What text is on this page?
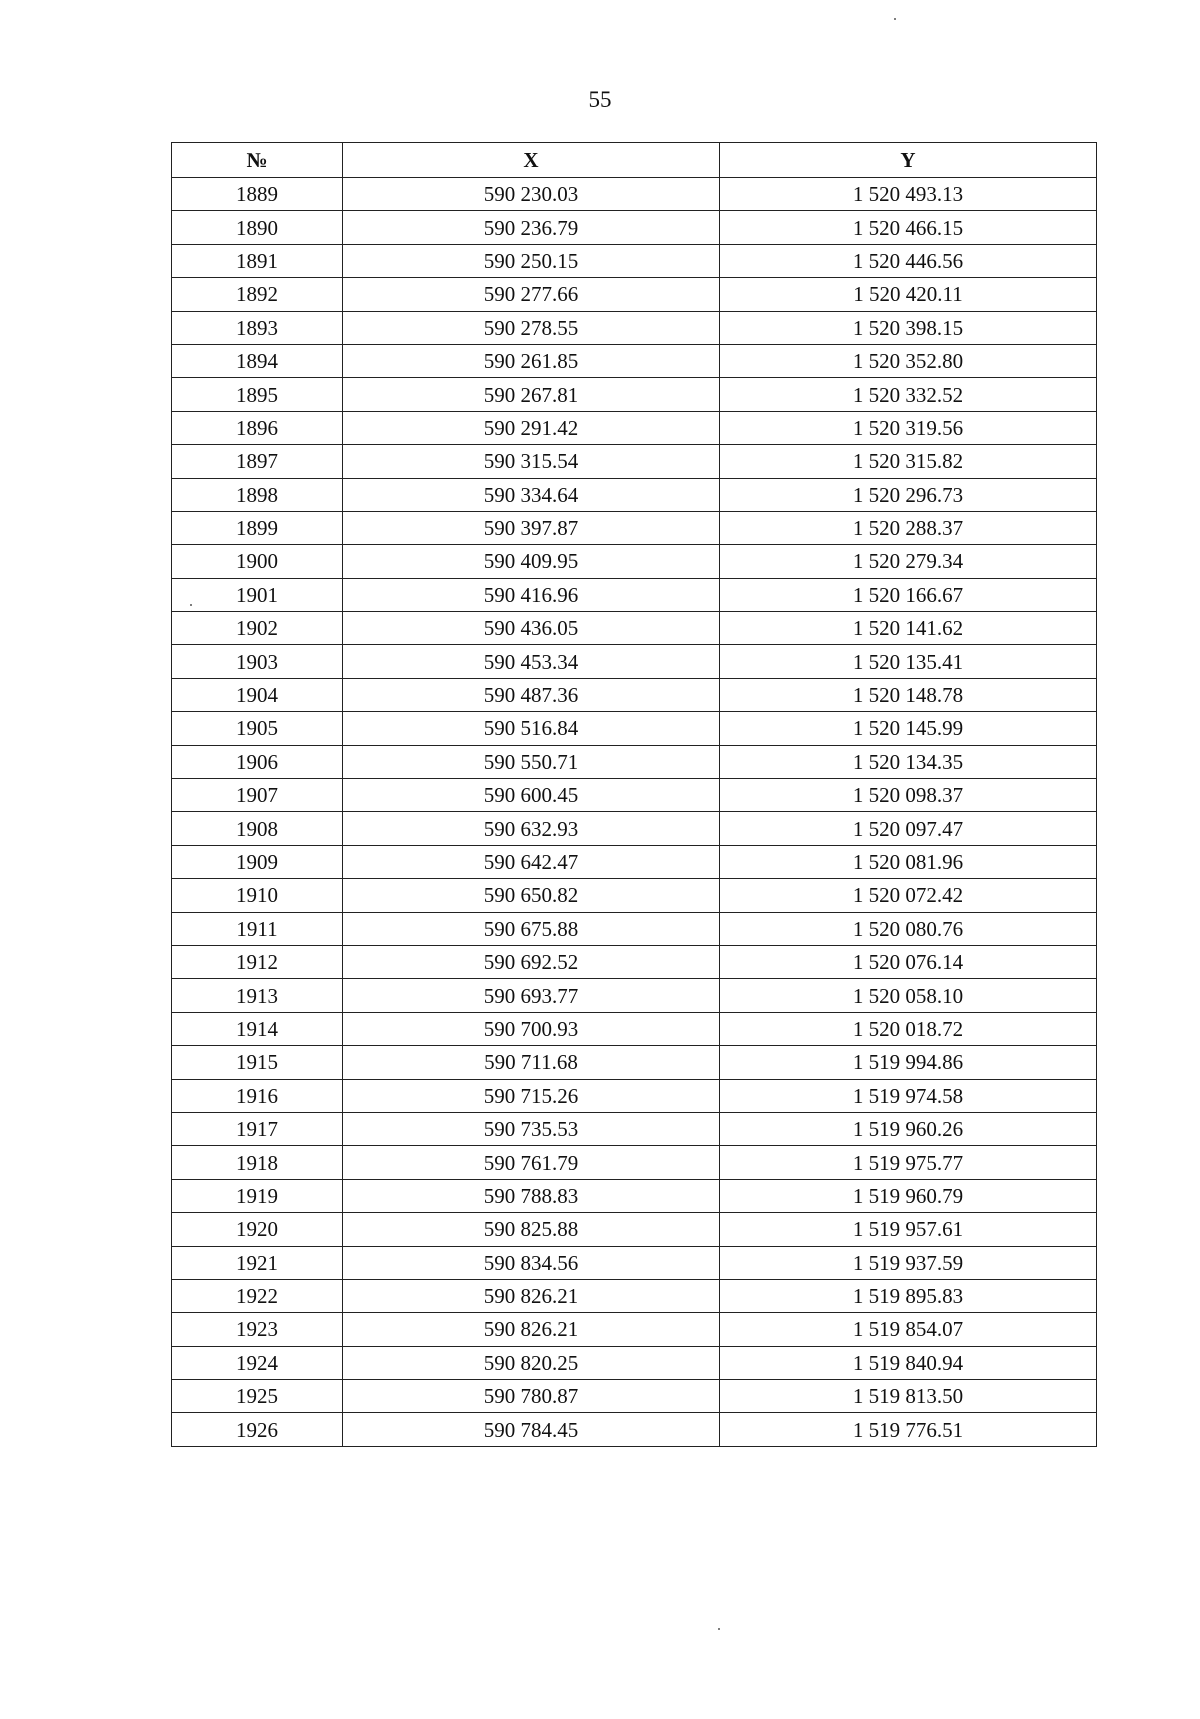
55
№	X	Y
1889	590 230.03	1 520 493.13
1890	590 236.79	1 520 466.15
1891	590 250.15	1 520 446.56
1892	590 277.66	1 520 420.11
1893	590 278.55	1 520 398.15
1894	590 261.85	1 520 352.80
1895	590 267.81	1 520 332.52
1896	590 291.42	1 520 319.56
1897	590 315.54	1 520 315.82
1898	590 334.64	1 520 296.73
1899	590 397.87	1 520 288.37
1900	590 409.95	1 520 279.34
1901	590 416.96	1 520 166.67
1902	590 436.05	1 520 141.62
1903	590 453.34	1 520 135.41
1904	590 487.36	1 520 148.78
1905	590 516.84	1 520 145.99
1906	590 550.71	1 520 134.35
1907	590 600.45	1 520 098.37
1908	590 632.93	1 520 097.47
1909	590 642.47	1 520 081.96
1910	590 650.82	1 520 072.42
1911	590 675.88	1 520 080.76
1912	590 692.52	1 520 076.14
1913	590 693.77	1 520 058.10
1914	590 700.93	1 520 018.72
1915	590 711.68	1 519 994.86
1916	590 715.26	1 519 974.58
1917	590 735.53	1 519 960.26
1918	590 761.79	1 519 975.77
1919	590 788.83	1 519 960.79
1920	590 825.88	1 519 957.61
1921	590 834.56	1 519 937.59
1922	590 826.21	1 519 895.83
1923	590 826.21	1 519 854.07
1924	590 820.25	1 519 840.94
1925	590 780.87	1 519 813.50
1926	590 784.45	1 519 776.51
